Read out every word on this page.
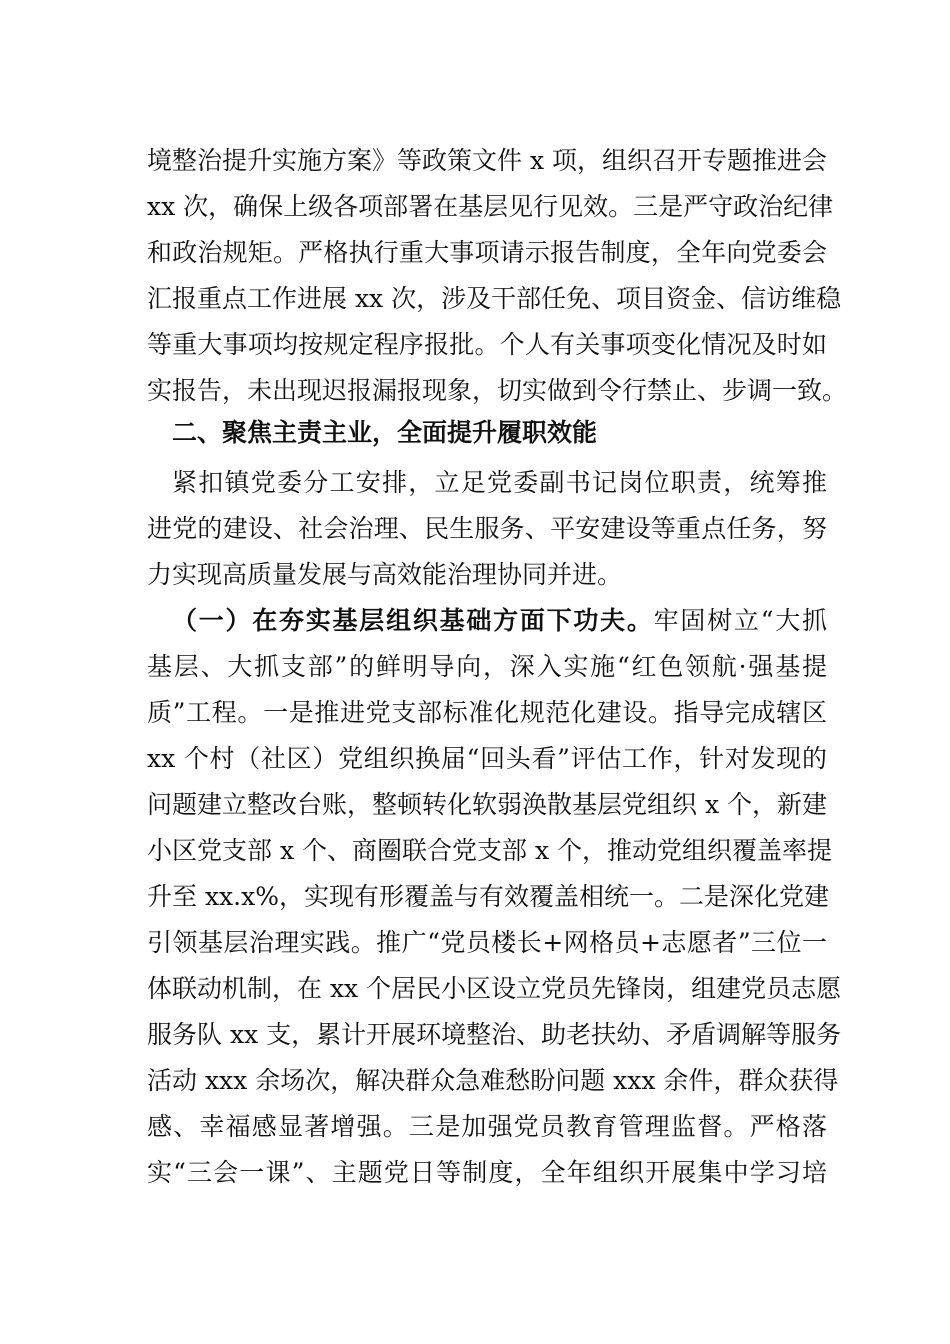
境整治提升实施方案》等政策文件 x 项，组织召开专题推进会
xx 次，确保上级各项部署在基层见行见效。三是严守政治纪律
和政治规矩。严格执行重大事项请示报告制度，全年向党委会
汇报重点工作进展 xx 次，涉及干部任免、项目资金、信访维稳
等重大事项均按规定程序报批。个人有关事项变化情况及时如
实报告，未出现迟报漏报现象，切实做到令行禁止、步调一致。
二、聚焦主责主业，全面提升履职效能
紧扣镇党委分工安排，立足党委副书记岗位职责，统筹推
进党的建设、社会治理、民生服务、平安建设等重点任务，努
力实现高质量发展与高效能治理协同并进。
（一）在夯实基层组织基础方面下功夫。牢固树立“大抓
基层、大抓支部”的鲜明导向，深入实施“红色领航·强基提
质”工程。一是推进党支部标准化规范化建设。指导完成辖区
xx 个村（社区）党组织换届“回头看”评估工作，针对发现的
问题建立整改台账，整顿转化软弱涣散基层党组织 x 个，新建
小区党支部 x 个、商圈联合党支部 x 个，推动党组织覆盖率提
升至 xx.x%，实现有形覆盖与有效覆盖相统一。二是深化党建
引领基层治理实践。推广“党员楼长+网格员+志愿者”三位一
体联动机制，在 xx 个居民小区设立党员先锋岗，组建党员志愿
服务队 xx 支，累计开展环境整治、助老扶幼、矛盾调解等服务
活动 xxx 余场次，解决群众急难愁盼问题 xxx 余件，群众获得
感、幸福感显著增强。三是加强党员教育管理监督。严格落
实“三会一课”、主题党日等制度，全年组织开展集中学习培
